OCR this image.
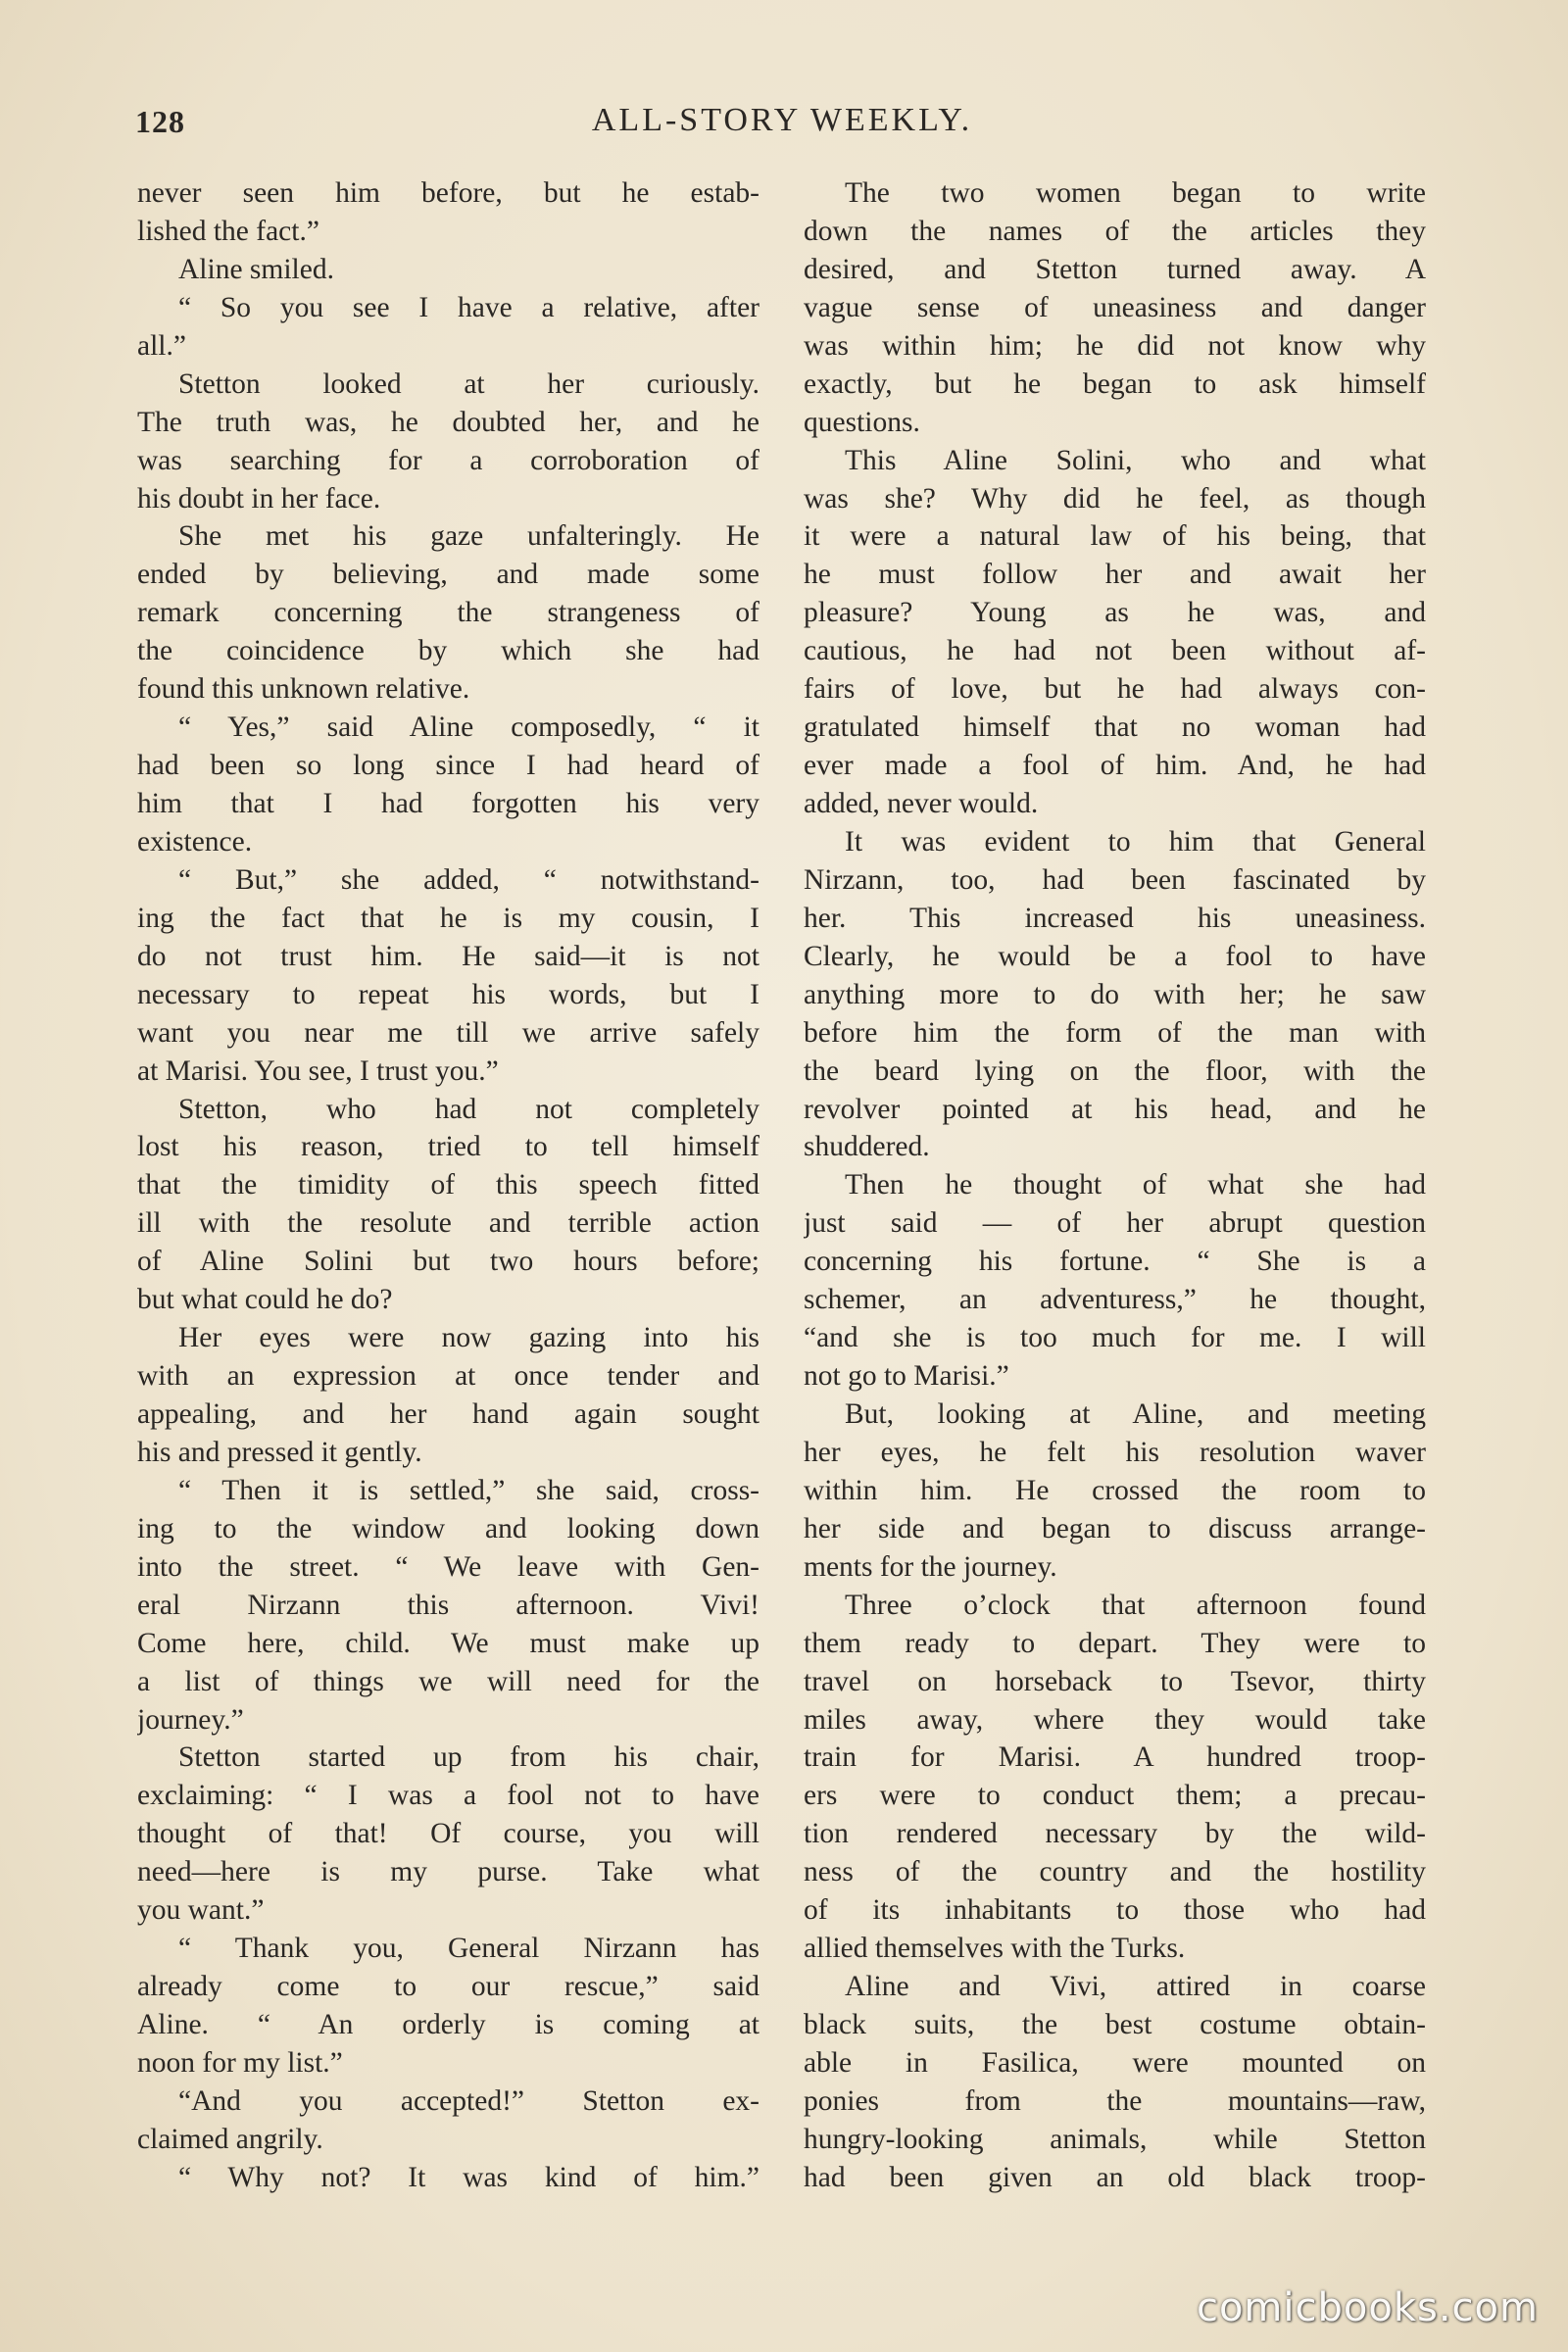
128	ALL-STORY WEEKLY.
never seen him before, but he estab-
lished the fact.”
Aline smiled.
“ So you see I have a relative, after
all.”
Stetton looked at her curiously.
The truth was, he doubted her, and he
was searching for a corroboration of
his doubt in her face.
She met his gaze unfalteringly. He
ended by believing, and made some
remark concerning the strangeness of
the coincidence by which she had
found this unknown relative.
“ Yes,” said Aline composedly, “ it
had been so long since I had heard of
him that I had forgotten his very
existence.
“ But,” she added, “ notwithstand-
ing the fact that he is my cousin, I
do not trust him. He said—it is not
necessary to repeat his words, but I
want you near me till we arrive safely
at Marisi. You see, I trust you.”
Stetton, who had not completely
lost his reason, tried to tell himself
that the timidity of this speech fitted
ill with the resolute and terrible action
of Aline Solini but two hours before;
but what could he do?
Her eyes were now gazing into his
with an expression at once tender and
appealing, and her hand again sought
his and pressed it gently.
“ Then it is settled,” she said, cross-
ing to the window and looking down
into the street. “ We leave with Gen-
eral Nirzann this afternoon. Vivi!
Come here, child. We must make up
a list of things we will need for the
journey.”
Stetton started up from his chair,
exclaiming: “ I was a fool not to have
thought of that! Of course, you will
need—here is my purse. Take what
you want.”
“ Thank you, General Nirzann has
already come to our rescue,” said
Aline. “ An orderly is coming at
noon for my list.”
“And you accepted!” Stetton ex-
claimed angrily.
“ Why not? It was kind of him.”
The two women began to write
down the names of the articles they
desired, and Stetton turned away. A
vague sense of uneasiness and danger
was within him; he did not know why
exactly, but he began to ask himself
questions.
This Aline Solini, who and what
was she? Why did he feel, as though
it were a natural law of his being, that
he must follow her and await her
pleasure? Young as he was, and
cautious, he had not been without af-
fairs of love, but he had always con-
gratulated himself that no woman had
ever made a fool of him. And, he had
added, never would.
It was evident to him that General
Nirzann, too, had been fascinated by
her. This increased his uneasiness.
Clearly, he would be a fool to have
anything more to do with her; he saw
before him the form of the man with
the beard lying on the floor, with the
revolver pointed at his head, and he
shuddered.
Then he thought of what she had
just said — of her abrupt question
concerning his fortune. “ She is a
schemer, an adventuress,” he thought,
“and she is too much for me. I will
not go to Marisi.”
But, looking at Aline, and meeting
her eyes, he felt his resolution waver
within him. He crossed the room to
her side and began to discuss arrange-
ments for the journey.
Three o’clock that afternoon found
them ready to depart. They were to
travel on horseback to Tsevor, thirty
miles away, where they would take
train for Marisi. A hundred troop-
ers were to conduct them; a precau-
tion rendered necessary by the wild-
ness of the country and the hostility
of its inhabitants to those who had
allied themselves with the Turks.
Aline and Vivi, attired in coarse
black suits, the best costume obtain-
able in Fasilica, were mounted on
ponies from the mountains—raw,
hungry-looking animals, while Stetton
had been given an old black troop-
comicbooks.com
